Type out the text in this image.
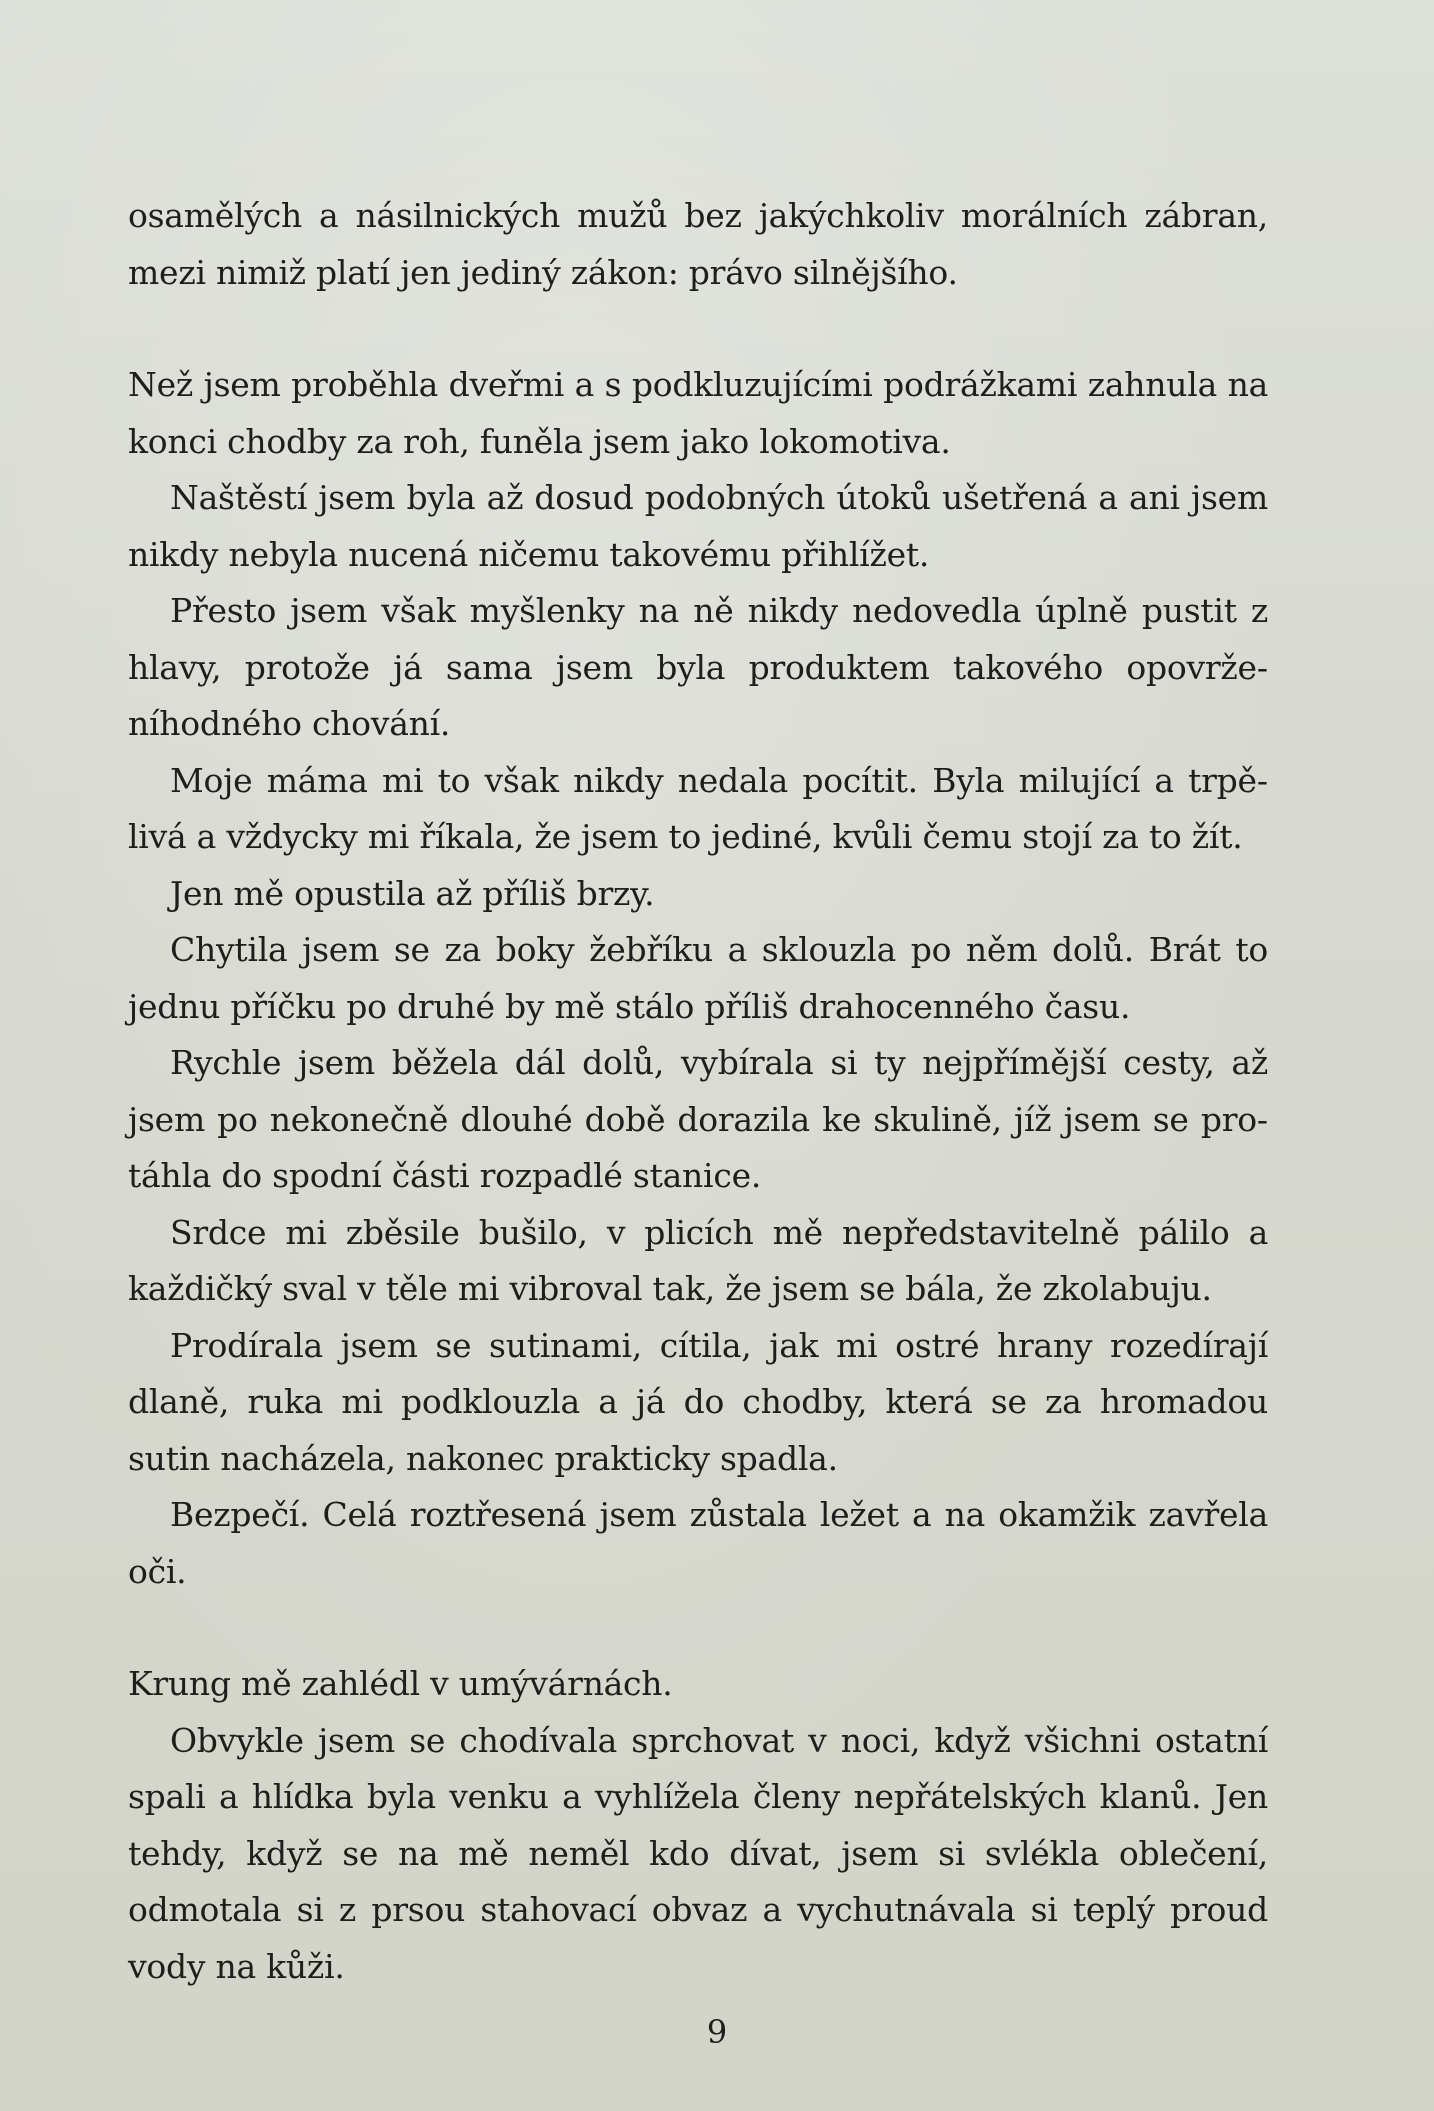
osamělých a násilnických mužů bez jakýchkoliv morálních zábran, mezi nimiž platí jen jediný zákon: právo silnějšího.

Než jsem proběhla dveřmi a s podkluzujícími podrážkami zahnula na konci chodby za roh, funěla jsem jako lokomotiva.

Naštěstí jsem byla až dosud podobných útoků ušetřená a ani jsem nikdy nebyla nucená ničemu takovému přihlížet.

Přesto jsem však myšlenky na ně nikdy nedovedla úplně pustit z hlavy, protože já sama jsem byla produktem takového opovrženíhodného chování.

Moje máma mi to však nikdy nedala pocítit. Byla milující a trpělivá a vždycky mi říkala, že jsem to jediné, kvůli čemu stojí za to žít.

Jen mě opustila až příliš brzy.

Chytila jsem se za boky žebříku a sklouzla po něm dolů. Brát to jednu příčku po druhé by mě stálo příliš drahocenného času.

Rychle jsem běžela dál dolů, vybírala si ty nejpřímější cesty, až jsem po nekonečně dlouhé době dorazila ke skulině, jíž jsem se protáhla do spodní části rozpadlé stanice.

Srdce mi zběsile bušilo, v plicích mě nepředstavitelně pálilo a každičký sval v těle mi vibroval tak, že jsem se bála, že zkolabuju.

Prodírala jsem se sutinami, cítila, jak mi ostré hrany rozedírají dlaně, ruka mi podklouzla a já do chodby, která se za hromadou sutin nacházela, nakonec prakticky spadla.

Bezpečí. Celá roztřesená jsem zůstala ležet a na okamžik zavřela oči.

Krung mě zahlédl v umývárnách.

Obvykle jsem se chodívala sprchovat v noci, když všichni ostatní spali a hlídka byla venku a vyhlížela členy nepřátelských klanů. Jen tehdy, když se na mě neměl kdo dívat, jsem si svlékla oblečení, odmotala si z prsou stahovací obvaz a vychutnávala si teplý proud vody na kůži.

9
